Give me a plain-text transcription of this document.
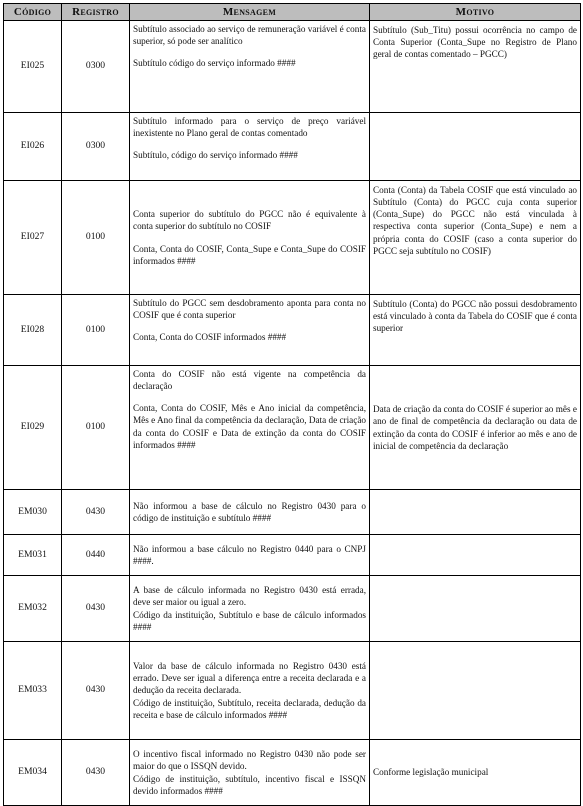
Código	Registro	Mensagem	Motivo
EI025	0300	Subtítulo associado ao serviço de remuneração variável é conta superior, só pode ser analítico
Subtítulo código do serviço informado ####	Subtítulo (Sub_Titu) possui ocorrência no campo de Conta Superior (Conta_Supe no Registro de Plano geral de contas comentado – PGCC)
EI026	0300	Subtítulo informado para o serviço de preço variável inexistente no Plano geral de contas comentado
Subtítulo, código do serviço informado ####	

EI027	0100	Conta superior do subtítulo do PGCC não é equivalente à conta superior do subtítulo no COSIF
Conta, Conta do COSIF, Conta_Supe e Conta_Supe do COSIF informados ####	Conta (Conta) da Tabela COSIF que está vinculado ao Subtítulo (Conta) do PGCC cuja conta superior (Conta_Supe) do PGCC não está vinculada à respectiva conta superior (Conta_Supe) e nem a própria conta do COSIF (caso a conta superior do PGCC seja subtítulo no COSIF)
EI028	0100	Subtítulo do PGCC sem desdobramento aponta para conta no COSIF que é conta superior
Conta, Conta do COSIF informados ####	Subtítulo (Conta) do PGCC não possui desdobramento está vinculado à conta da Tabela do COSIF que é conta superior
EI029	0100	Conta do COSIF não está vigente na competência da declaração
Conta, Conta do COSIF, Mês e Ano inicial da competência, Mês e Ano final da competência da declaração, Data de criação da conta do COSIF e Data de extinção da conta do COSIF informados ####	Data de criação da conta do COSIF é superior ao mês e ano de final de competência da declaração ou data de extinção da conta do COSIF é inferior ao mês e ano de inicial de competência da declaração
EM030	0430	Não informou a base de cálculo no Registro 0430 para o código de instituição e subtítulo ####	

EM031	0440	Não informou a base cálculo no Registro 0440 para o CNPJ ####.	

EM032	0430	A base de cálculo informada no Registro 0430 está errada, deve ser maior ou igual a zero.
Código da instituição, Subtítulo e base de cálculo informados ####	

EM033	0430	Valor da base de cálculo informada no Registro 0430 está errado. Deve ser igual a diferença entre a receita declarada e a dedução da receita declarada.
Código de instituição, Subtítulo, receita declarada, dedução da receita e base de cálculo informados ####	

EM034	0430	O incentivo fiscal informado no Registro 0430 não pode ser maior do que o ISSQN devido.
Código de instituição, subtítulo, incentivo fiscal e ISSQN devido informados ####	Conforme legislação municipal
